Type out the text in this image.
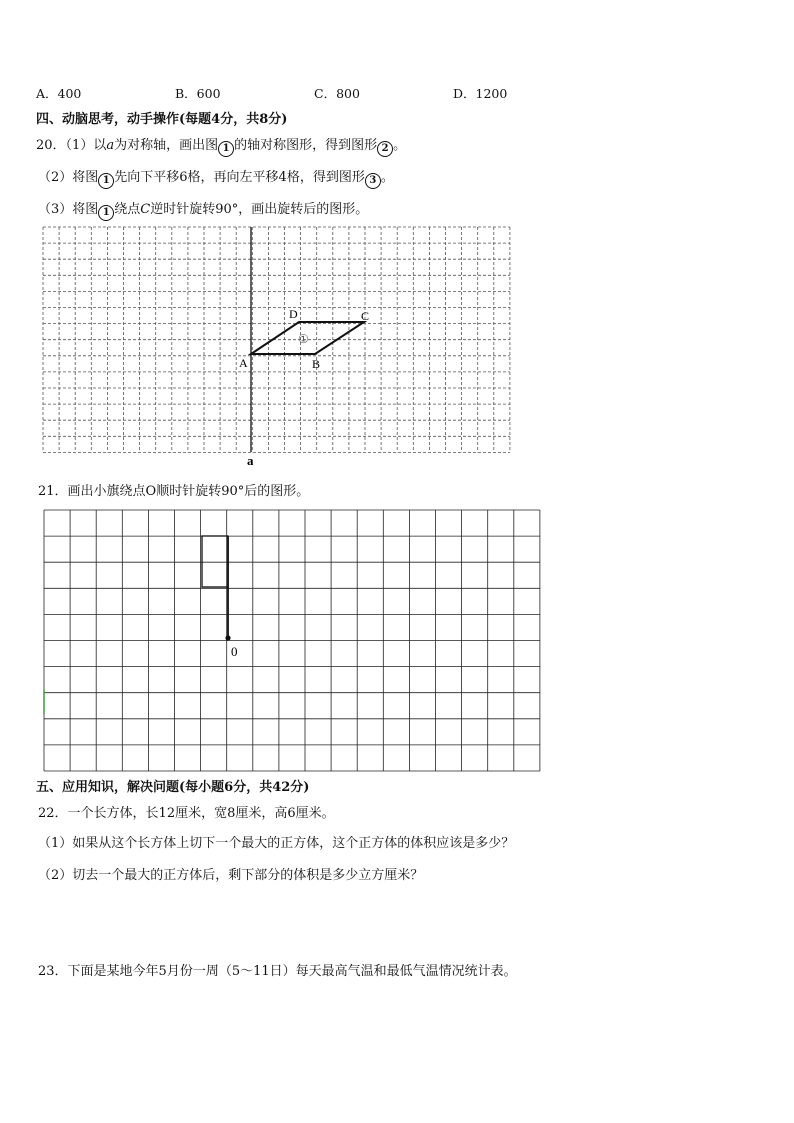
A．400	B．600	C．800	D．1200
四、动脑思考，动手操作(每题4分，共8分)
20．（1）以a为对称轴，画出图 1 的轴对称图形，得到图形 2 。
（2）将图 1 先向下平移6格，再向左平移4格，得到图形 3 。
（3）将图 1 绕点C逆时针旋转90°，画出旋转后的图形。
A	B
C
D
①
a
21．画出小旗绕点O顺时针旋转90°后的图形。
0
五、应用知识，解决问题(每小题6分，共42分)
22．一个长方体，长12厘米，宽8厘米，高6厘米。
（1）如果从这个长方体上切下一个最大的正方体，这个正方体的体积应该是多少？
（2）切去一个最大的正方体后，剩下部分的体积是多少立方厘米？
23．下面是某地今年5月份一周（5～11日）每天最高气温和最低气温情况统计表。
